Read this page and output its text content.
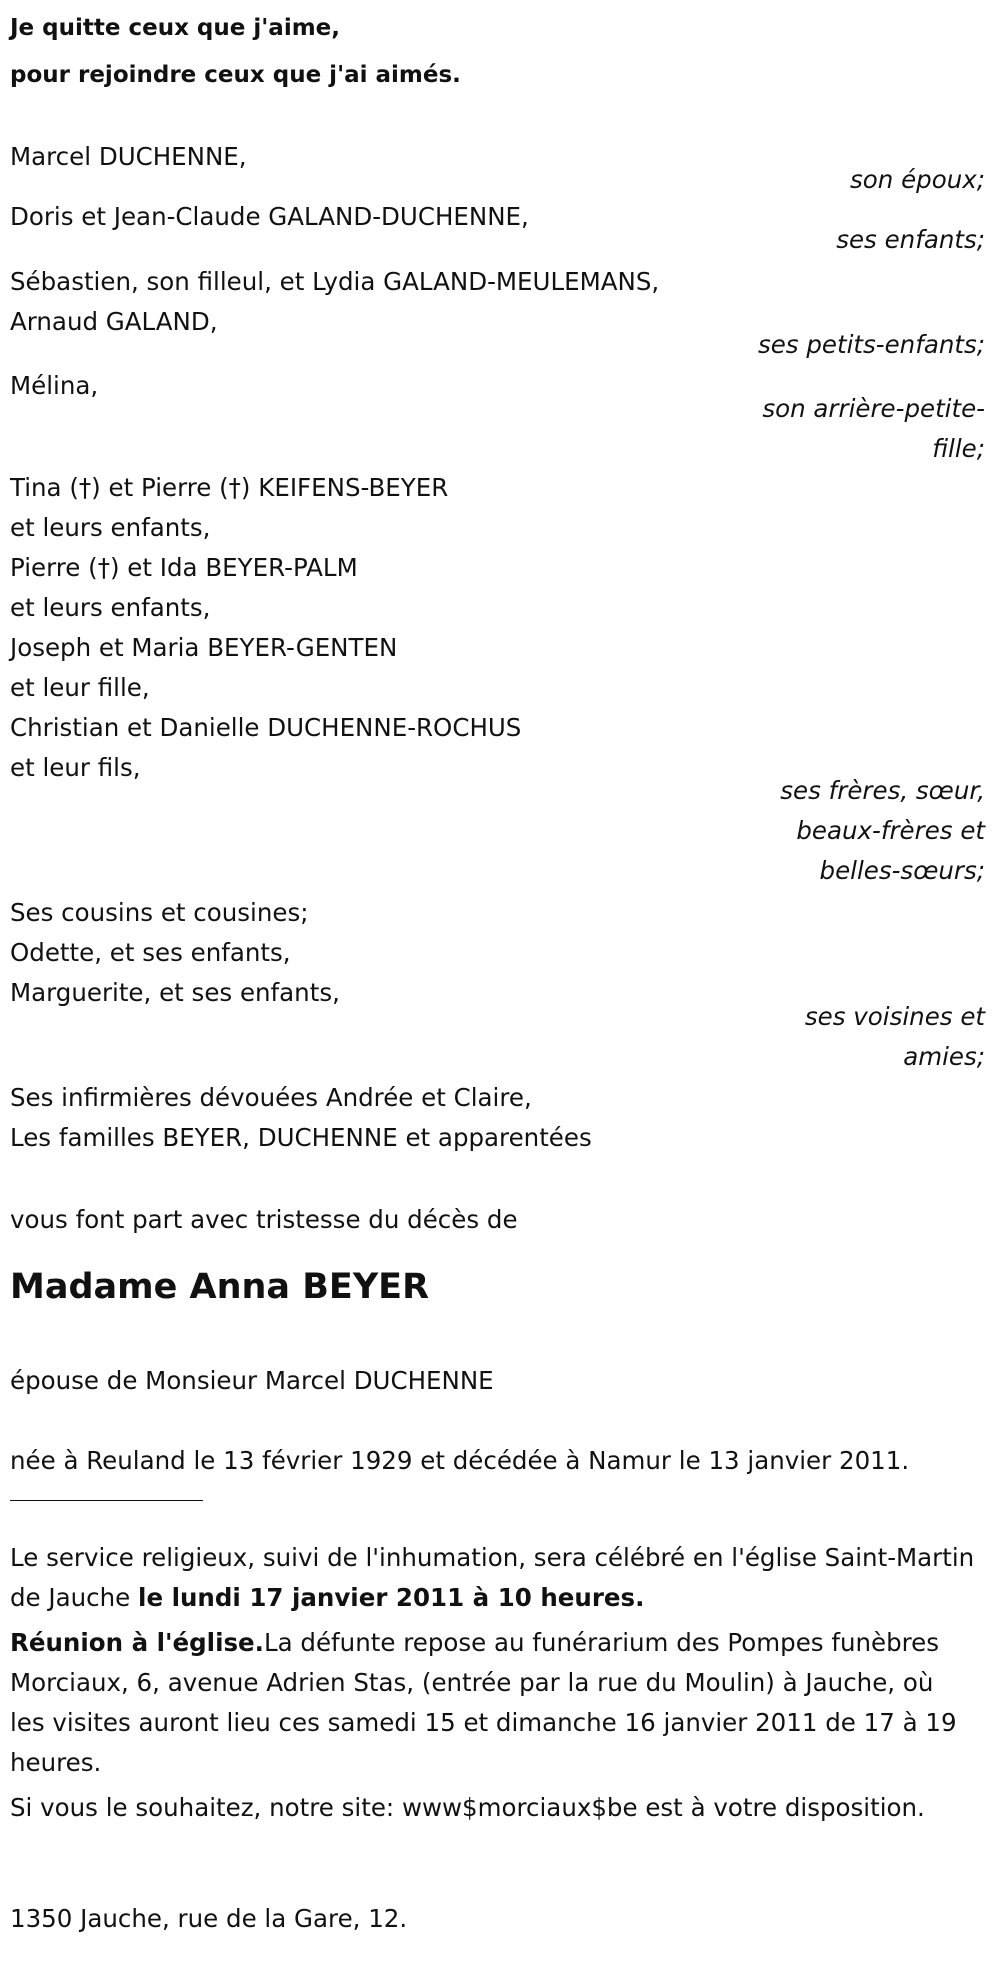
Je quitte ceux que j'aime,
pour rejoindre ceux que j'ai aimés.
Marcel DUCHENNE,
son époux;
Doris et Jean-Claude GALAND-DUCHENNE,
ses enfants;
Sébastien, son filleul, et Lydia GALAND-MEULEMANS,
Arnaud GALAND,
ses petits-enfants;
Mélina,
son arrière-petite-
fille;
Tina (†) et Pierre (†) KEIFENS-BEYER
et leurs enfants,
Pierre (†) et Ida BEYER-PALM
et leurs enfants,
Joseph et Maria BEYER-GENTEN
et leur fille,
Christian et Danielle DUCHENNE-ROCHUS
et leur fils,
ses frères, sœur,
beaux-frères et
belles-sœurs;
Ses cousins et cousines;
Odette, et ses enfants,
Marguerite, et ses enfants,
ses voisines et
amies;
Ses infirmières dévouées Andrée et Claire,
Les familles BEYER, DUCHENNE et apparentées
vous font part avec tristesse du décès de
Madame Anna BEYER
épouse de Monsieur Marcel DUCHENNE
née à Reuland le 13 février 1929 et décédée à Namur le 13 janvier 2011.
Le service religieux, suivi de l'inhumation, sera célébré en l'église Saint-Martin de Jauche le lundi 17 janvier 2011 à 10 heures.
Réunion à l'église.La défunte repose au funérarium des Pompes funèbres Morciaux, 6, avenue Adrien Stas, (entrée par la rue du Moulin) à Jauche, où les visites auront lieu ces samedi 15 et dimanche 16 janvier 2011 de 17 à 19 heures.
Si vous le souhaitez, notre site: www$morciaux$be est à votre disposition.
1350 Jauche, rue de la Gare, 12.
